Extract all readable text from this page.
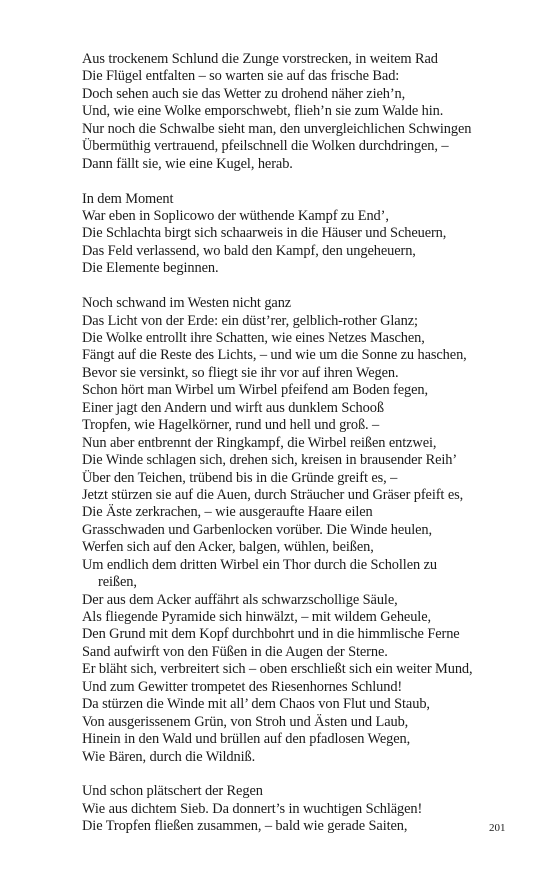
Aus trockenem Schlund die Zunge vorstrecken, in weitem Rad
Die Flügel entfalten – so warten sie auf das frische Bad:
Doch sehen auch sie das Wetter zu drohend näher zieh’n,
Und, wie eine Wolke emporschwebt, flieh’n sie zum Walde hin.
Nur noch die Schwalbe sieht man, den unvergleichlichen Schwingen
Übermüthig vertrauend, pfeilschnell die Wolken durchdringen, –
Dann fällt sie, wie eine Kugel, herab.
In dem Moment
War eben in Soplicowo der wüthende Kampf zu End’,
Die Schlachta birgt sich schaarweis in die Häuser und Scheuern,
Das Feld verlassend, wo bald den Kampf, den ungeheuern,
Die Elemente beginnen.
Noch schwand im Westen nicht ganz
Das Licht von der Erde: ein düst’rer, gelblich-rother Glanz;
Die Wolke entrollt ihre Schatten, wie eines Netzes Maschen,
Fängt auf die Reste des Lichts, – und wie um die Sonne zu haschen,
Bevor sie versinkt, so fliegt sie ihr vor auf ihren Wegen.
Schon hört man Wirbel um Wirbel pfeifend am Boden fegen,
Einer jagt den Andern und wirft aus dunklem Schooß
Tropfen, wie Hagelkörner, rund und hell und groß. –
Nun aber entbrennt der Ringkampf, die Wirbel reißen entzwei,
Die Winde schlagen sich, drehen sich, kreisen in brausender Reih’
Über den Teichen, trübend bis in die Gründe greift es, –
Jetzt stürzen sie auf die Auen, durch Sträucher und Gräser pfeift es,
Die Äste zerkrachen, – wie ausgeraufte Haare eilen
Grasschwaden und Garbenlocken vorüber. Die Winde heulen,
Werfen sich auf den Acker, balgen, wühlen, beißen,
Um endlich dem dritten Wirbel ein Thor durch die Schollen zu
reißen,
Der aus dem Acker auffährt als schwarzschollige Säule,
Als fliegende Pyramide sich hinwälzt, – mit wildem Geheule,
Den Grund mit dem Kopf durchbohrt und in die himmlische Ferne
Sand aufwirft von den Füßen in die Augen der Sterne.
Er bläht sich, verbreitert sich – oben erschließt sich ein weiter Mund,
Und zum Gewitter trompetet des Riesenhornes Schlund!
Da stürzen die Winde mit all’ dem Chaos von Flut und Staub,
Von ausgerissenem Grün, von Stroh und Ästen und Laub,
Hinein in den Wald und brüllen auf den pfadlosen Wegen,
Wie Bären, durch die Wildniß.
Und schon plätschert der Regen
Wie aus dichtem Sieb. Da donnert’s in wuchtigen Schlägen!
Die Tropfen fließen zusammen, – bald wie gerade Saiten,	201
